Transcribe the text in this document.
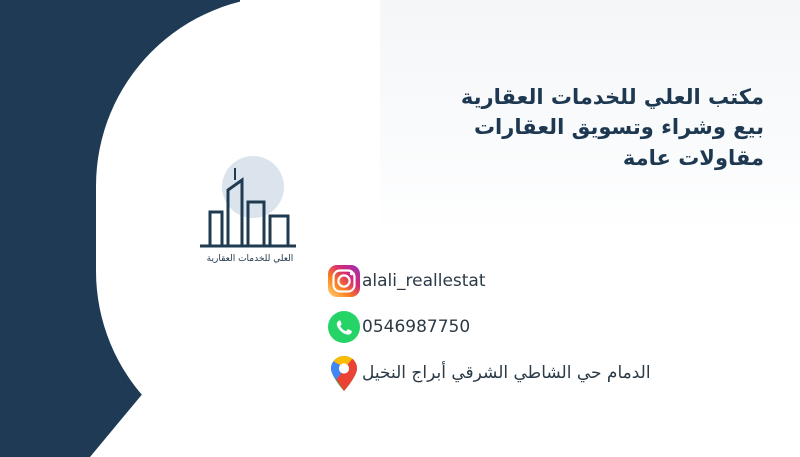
العلي للخدمات العقارية
مكتب العلي للخدمات العقارية
بيع وشراء وتسويق العقارات
مقاولات عامة
alali_reallestat
0546987750
الدمام حي الشاطي الشرقي أبراج النخيل
